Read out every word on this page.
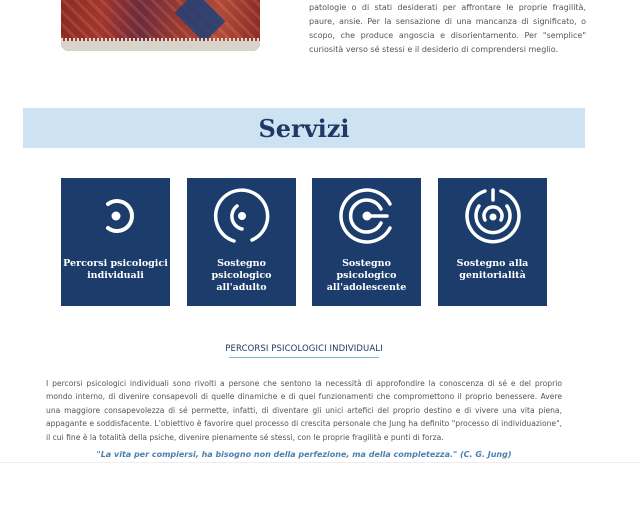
patologie o di stati desiderati per affrontare le proprie fragilità, paure, ansie. Per la sensazione di una mancanza di significato, o scopo, che produce angoscia e disorientamento. Per "semplice" curiosità verso sé stessi e il desiderio di comprendersi meglio.

Servizi
Percorsi psicologici individuali
Sostegno psicologico all'adulto
Sostegno psicologico all'adolescente
Sostegno alla genitorialità
PERCORSI PSICOLOGICI INDIVIDUALI

I percorsi psicologici individuali sono rivolti a persone che sentono la necessità di approfondire la conoscenza di sé e del proprio mondo interno, di divenire consapevoli di quelle dinamiche e di quei funzionamenti che compromettono il proprio benessere. Avere una maggiore consapevolezza di sé permette, infatti, di diventare gli unici artefici del proprio destino e di vivere una vita piena, appagante e soddisfacente. L'obiettivo è favorire quel processo di crescita personale che Jung ha definito "processo di individuazione", il cui fine è la totalità della psiche, divenire pienamente sé stessi, con le proprie fragilità e punti di forza.

"La vita per compiersi, ha bisogno non della perfezione, ma della completezza." (C. G. Jung)
